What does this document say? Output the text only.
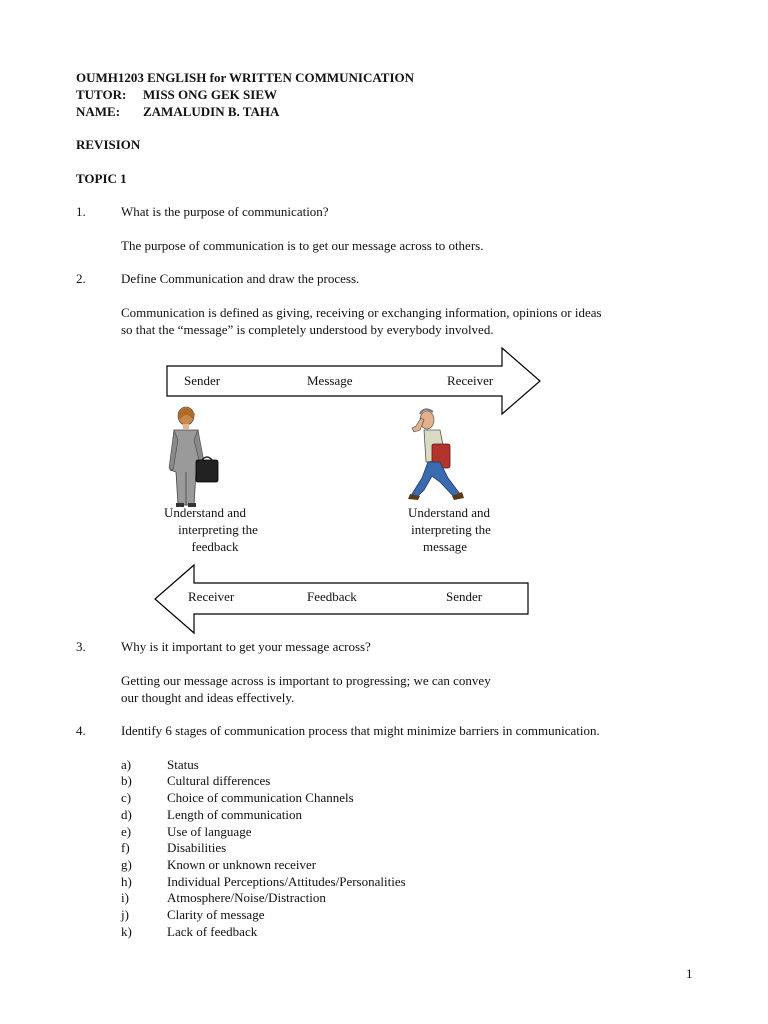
OUMH1203 ENGLISH for WRITTEN COMMUNICATION
TUTOR: MISS ONG GEK SIEW
NAME: ZAMALUDIN B. TAHA
REVISION
TOPIC 1
1.	What is the purpose of communication?
The purpose of communication is to get our message across to others.
2.	Define Communication and draw the process.
Communication is defined as giving, receiving or exchanging information, opinions or ideas
so that the “message” is completely understood by everybody involved.
Sender	Message	Receiver
Understand and
interpreting the
feedback
Understand and
interpreting the
message
Receiver	Feedback	Sender
3.	Why is it important to get your message across?
Getting our message across is important to progressing; we can convey
our thought and ideas effectively.
4.	Identify 6 stages of communication process that might minimize barriers in communication.
a)	Status
b)	Cultural differences
c)	Choice of communication Channels
d)	Length of communication
e)	Use of language
f)	Disabilities
g)	Known or unknown receiver
h)	Individual Perceptions/Attitudes/Personalities
i)	Atmosphere/Noise/Distraction
j)	Clarity of message
k)	Lack of feedback
1
